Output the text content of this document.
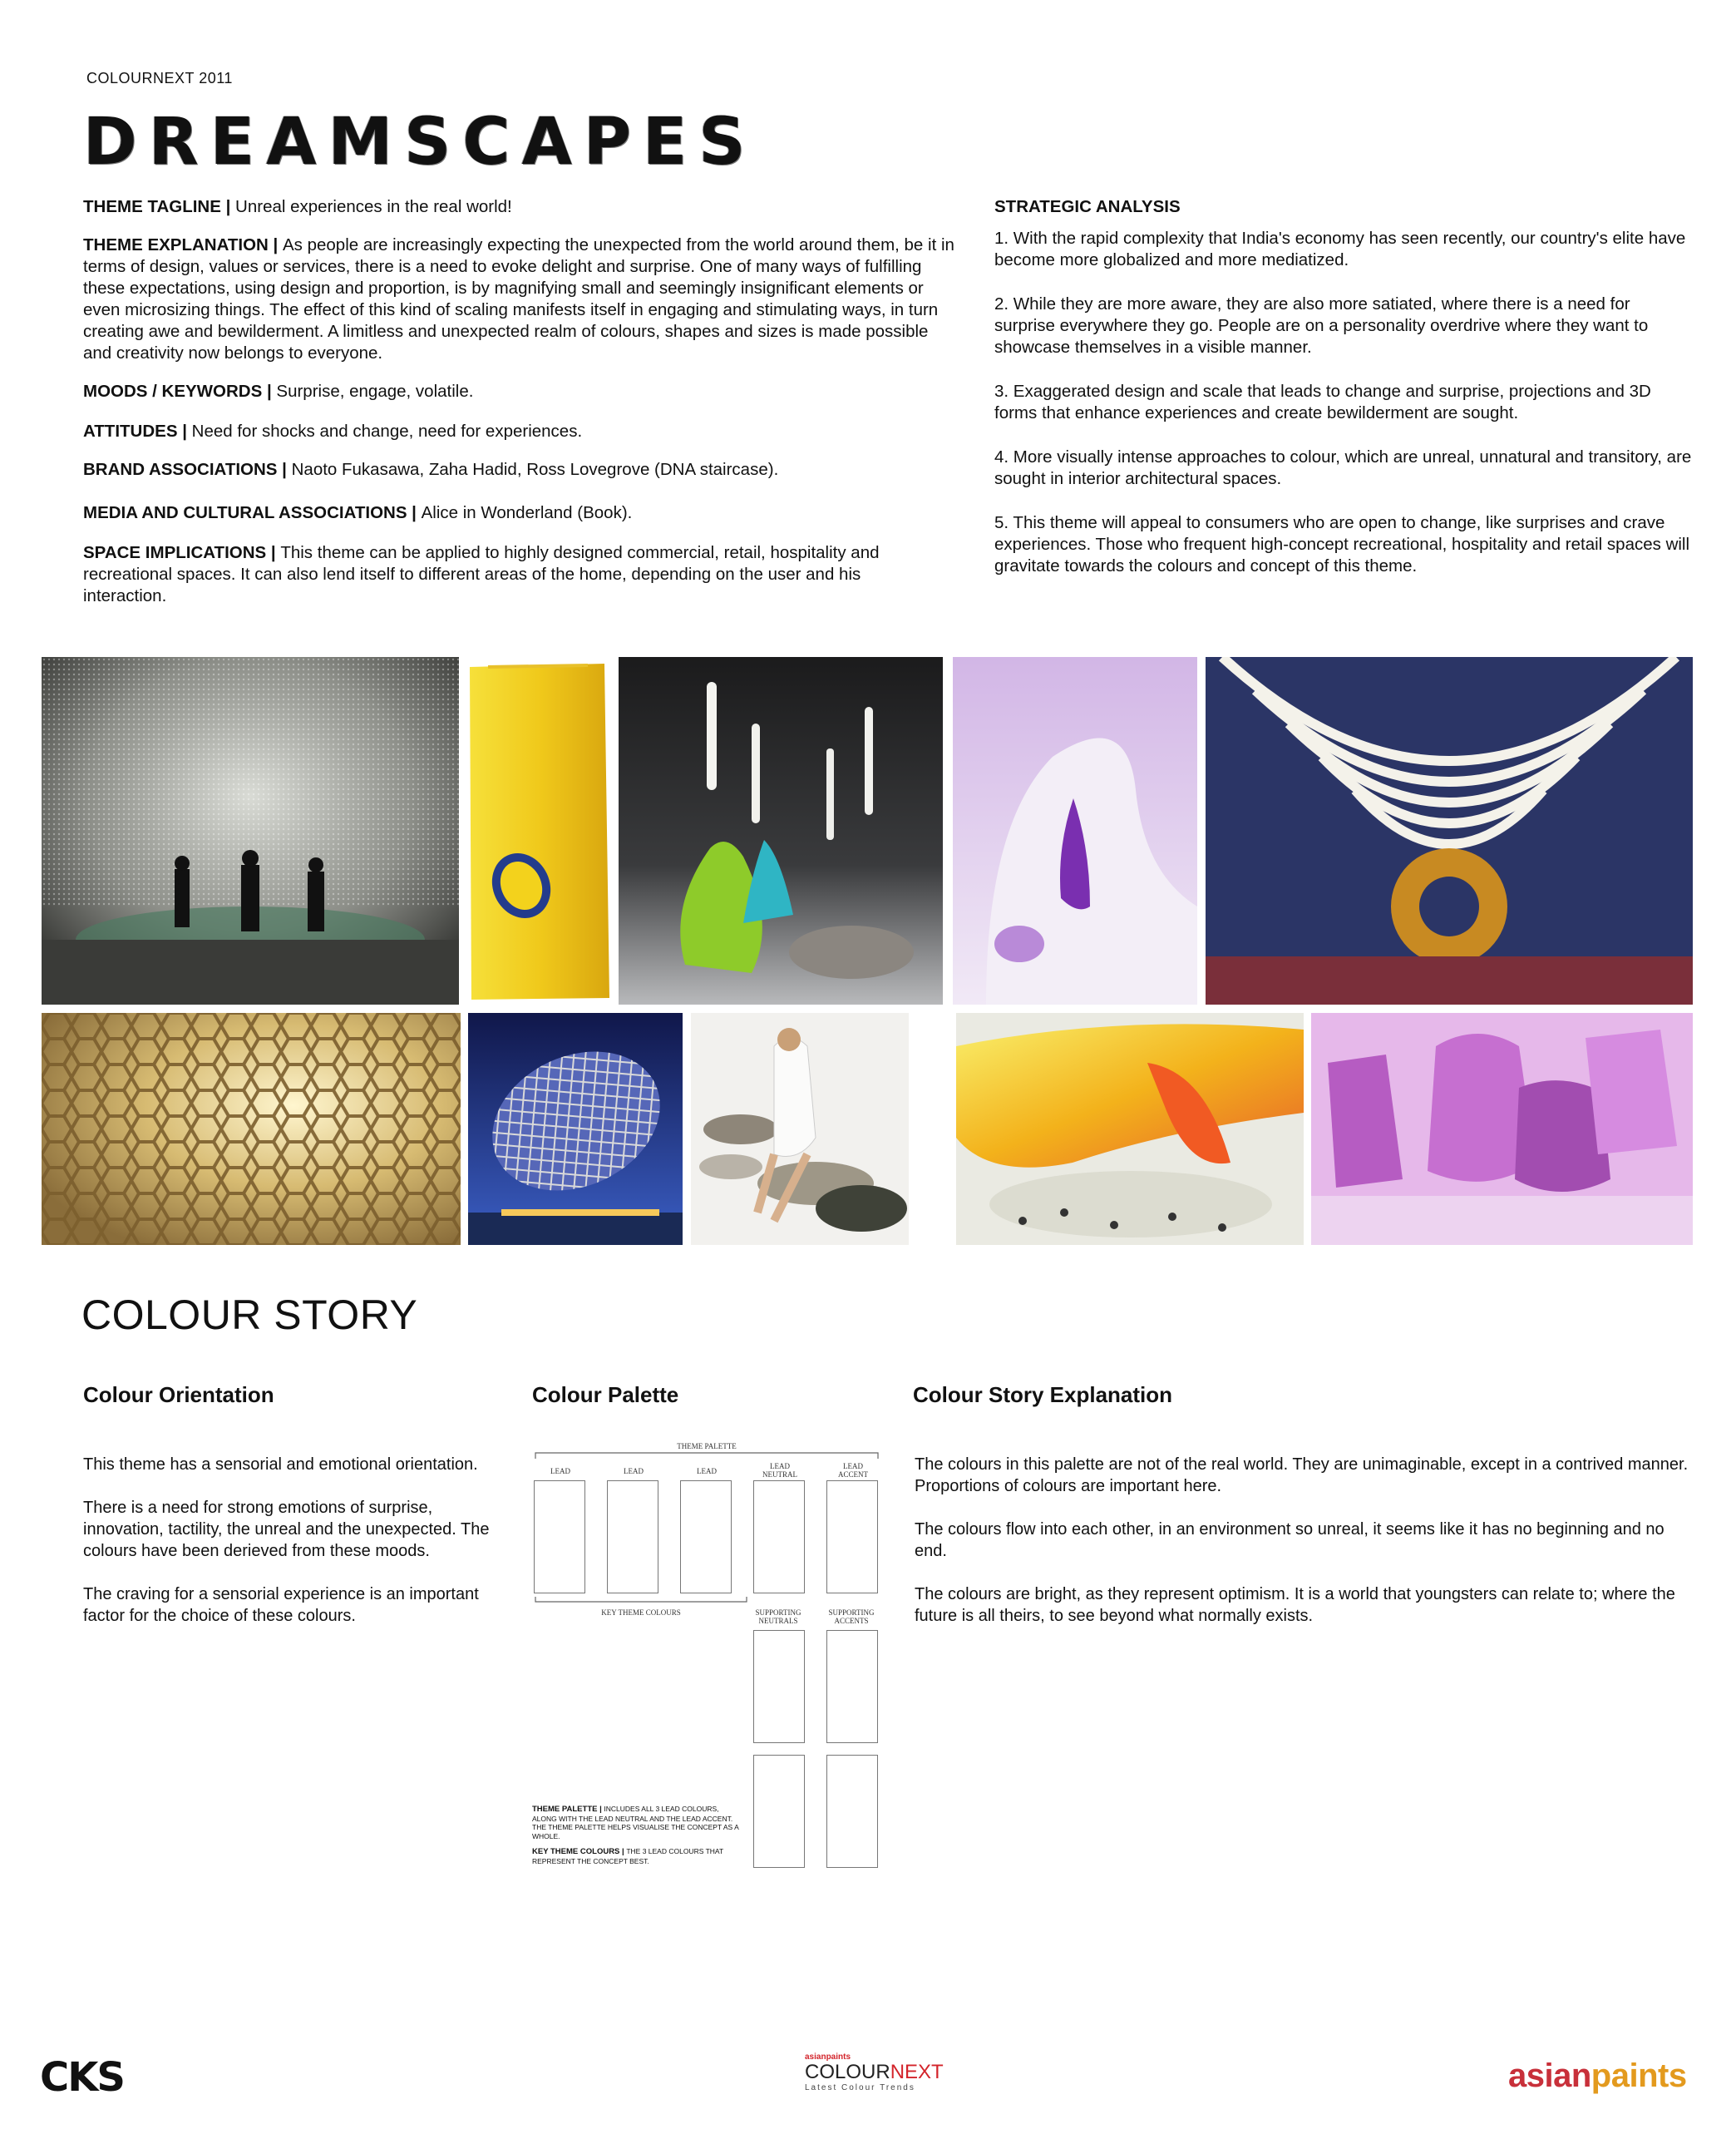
COLOURNEXT 2011
DREAMSCAPES

THEME TAGLINE | Unreal experiences in the real world!

THEME EXPLANATION | As people are increasingly expecting the unexpected from the world around them, be it in terms of design, values or services, there is a need to evoke delight and surprise. One of many ways of fulfilling these expectations, using design and proportion, is by magnifying small and seemingly insignificant elements or even microsizing things. The effect of this kind of scaling manifests itself in engaging and stimulating ways, in turn creating awe and bewilderment. A limitless and unexpected realm of colours, shapes and sizes is made possible and creativity now belongs to everyone.

MOODS / KEYWORDS | Surprise, engage, volatile.

ATTITUDES | Need for shocks and change, need for experiences.

BRAND ASSOCIATIONS | Naoto Fukasawa, Zaha Hadid, Ross Lovegrove (DNA staircase).

MEDIA AND CULTURAL ASSOCIATIONS | Alice in Wonderland (Book).

SPACE IMPLICATIONS | This theme can be applied to highly designed commercial, retail, hospitality and recreational spaces. It can also lend itself to different areas of the home, depending on the user and his interaction.

STRATEGIC ANALYSIS

1. With the rapid complexity that India's economy has seen recently, our country's elite have become more globalized and more mediatized.

2. While they are more aware, they are also more satiated, where there is a need for surprise everywhere they go. People are on a personality overdrive where they want to showcase themselves in a visible manner.

3. Exaggerated design and scale that leads to change and surprise, projections and 3D forms that enhance experiences and create bewilderment are sought.

4. More visually intense approaches to colour, which are unreal, unnatural and transitory, are sought in interior architectural spaces.

5. This theme will appeal to consumers who are open to change, like surprises and crave experiences. Those who frequent high-concept recreational, hospitality and retail spaces will gravitate towards the colours and concept of this theme.

COLOUR STORY
Colour Orientation	Colour Palette	Colour Story Explanation

This theme has a sensorial and emotional orientation.

There is a need for strong emotions of surprise, innovation, tactility, the unreal and the unexpected. The colours have been derieved from these moods.

The craving for a sensorial experience is an important factor for the choice of these colours.

The colours in this palette are not of the real world. They are unimaginable, except in a contrived manner. Proportions of colours are important here.

The colours flow into each other, in an environment so unreal, it seems like it has no beginning and no end.

The colours are bright, as they represent optimism. It is a world that youngsters can relate to; where the future is all theirs, to see beyond what normally exists.

THEME PALETTE
LEAD	LEAD	LEAD
LEAD NEUTRAL
LEAD ACCENT
KEY THEME COLOURS	SUPPORTING NEUTRALS
SUPPORTING ACCENTS
THEME PALETTE | INCLUDES ALL 3 LEAD COLOURS, ALONG WITH THE LEAD NEUTRAL AND THE LEAD ACCENT. THE THEME PALETTE HELPS VISUALISE THE CONCEPT AS A WHOLE.
KEY THEME COLOURS | THE 3 LEAD COLOURS THAT REPRESENT THE CONCEPT BEST.
CKS	asianpaints
COLOURNEXT
Latest Colour Trends	asianpaints
